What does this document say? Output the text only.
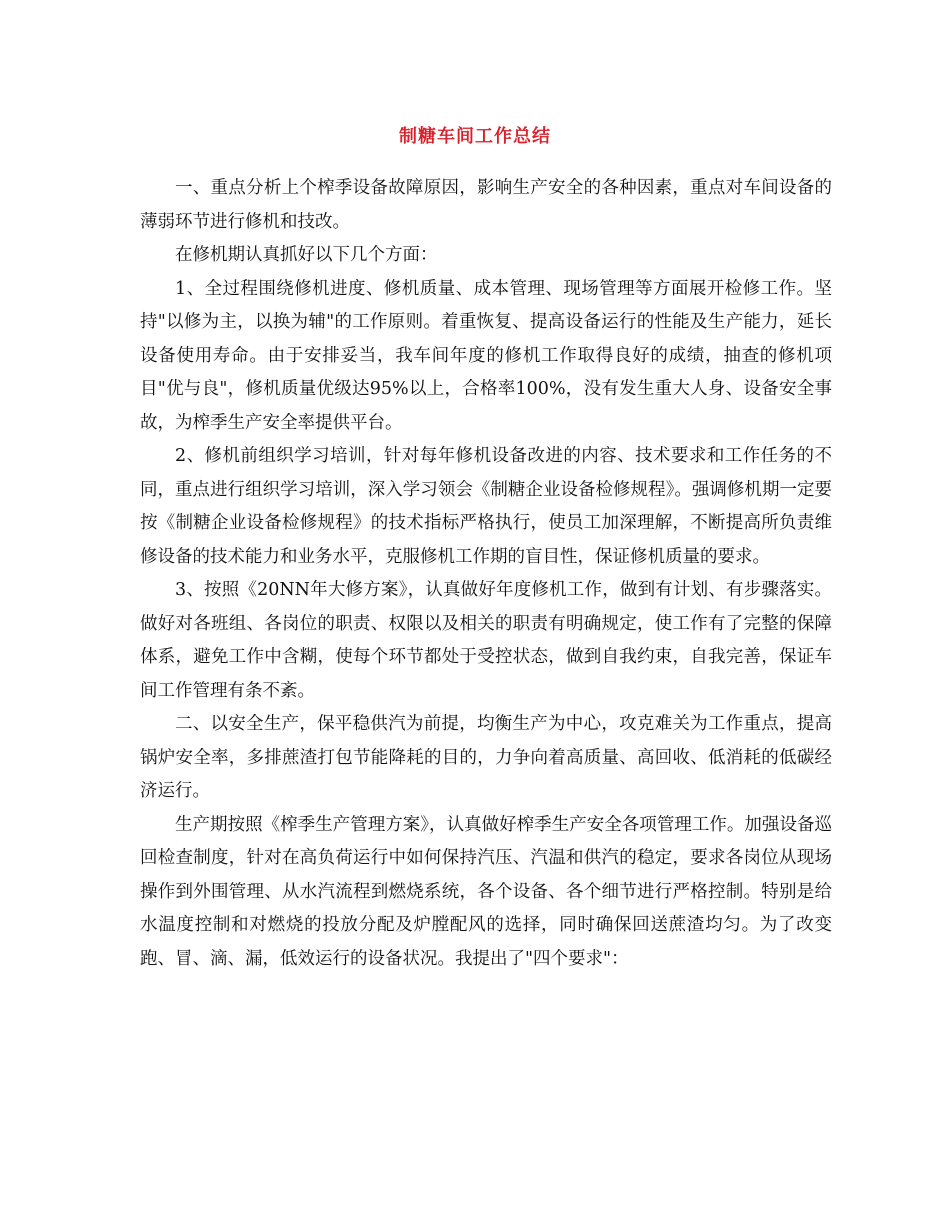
制糖车间工作总结

一、重点分析上个榨季设备故障原因，影响生产安全的各种因素，重点对车间设备的薄弱环节进行修机和技改。

在修机期认真抓好以下几个方面：

1、全过程围绕修机进度、修机质量、成本管理、现场管理等方面展开检修工作。坚持"以修为主，以换为辅"的工作原则。着重恢复、提高设备运行的性能及生产能力，延长设备使用寿命。由于安排妥当，我车间年度的修机工作取得良好的成绩，抽查的修机项目"优与良"，修机质量优级达95%以上，合格率100%，没有发生重大人身、设备安全事故，为榨季生产安全率提供平台。

2、修机前组织学习培训，针对每年修机设备改进的内容、技术要求和工作任务的不同，重点进行组织学习培训，深入学习领会《制糖企业设备检修规程》。强调修机期一定要按《制糖企业设备检修规程》的技术指标严格执行，使员工加深理解，不断提高所负责维修设备的技术能力和业务水平，克服修机工作期的盲目性，保证修机质量的要求。

3、按照《20NN年大修方案》，认真做好年度修机工作，做到有计划、有步骤落实。做好对各班组、各岗位的职责、权限以及相关的职责有明确规定，使工作有了完整的保障体系，避免工作中含糊，使每个环节都处于受控状态，做到自我约束，自我完善，保证车间工作管理有条不紊。

二、以安全生产，保平稳供汽为前提，均衡生产为中心，攻克难关为工作重点，提高锅炉安全率，多排蔗渣打包节能降耗的目的，力争向着高质量、高回收、低消耗的低碳经济运行。

生产期按照《榨季生产管理方案》，认真做好榨季生产安全各项管理工作。加强设备巡回检查制度，针对在高负荷运行中如何保持汽压、汽温和供汽的稳定，要求各岗位从现场操作到外围管理、从水汽流程到燃烧系统，各个设备、各个细节进行严格控制。特别是给水温度控制和对燃烧的投放分配及炉膛配风的选择，同时确保回送蔗渣均匀。为了改变跑、冒、滴、漏，低效运行的设备状况。我提出了"四个要求"：
